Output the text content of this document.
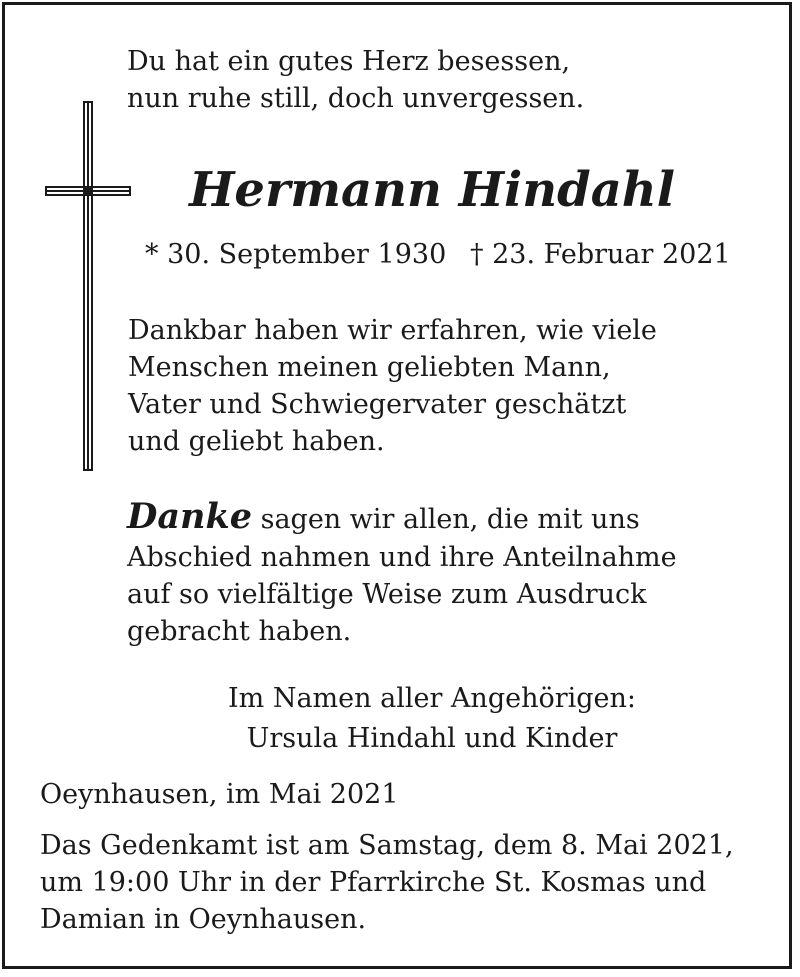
Du hat ein gutes Herz besessen,
nun ruhe still, doch unvergessen.

Hermann Hindahl
* 30. September 1930 † 23. Februar 2021

Dankbar haben wir erfahren, wie viele
Menschen meinen geliebten Mann,
Vater und Schwiegervater geschätzt
und geliebt haben.

Danke sagen wir allen, die mit uns

Abschied nahmen und ihre Anteilnahme
auf so vielfältige Weise zum Ausdruck
gebracht haben.

Im Namen aller Angehörigen:
Ursula Hindahl und Kinder
Oeynhausen, im Mai 2021

Das Gedenkamt ist am Samstag, dem 8. Mai 2021,
um 19:00 Uhr in der Pfarrkirche St. Kosmas und
Damian in Oeynhausen.
